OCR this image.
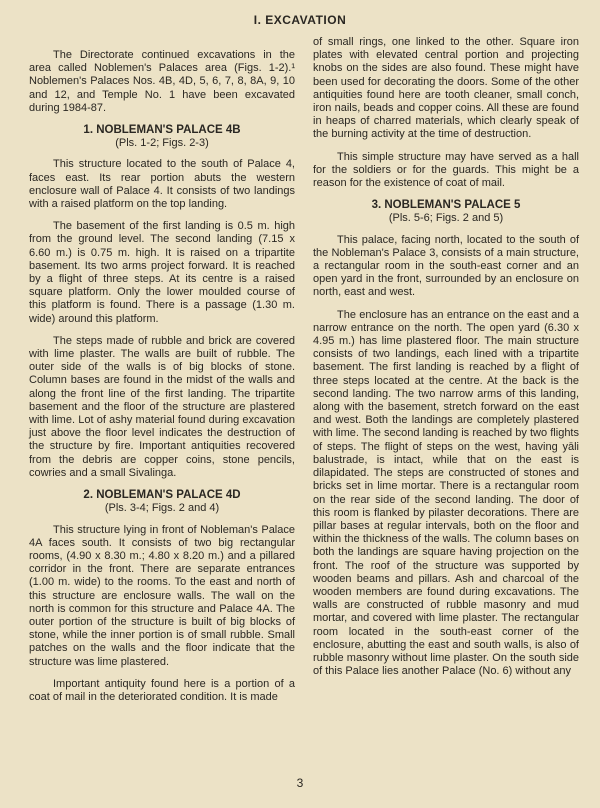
I. EXCAVATION

The Directorate continued excavations in the area called Noblemen's Palaces area (Figs. 1-2).¹ Noblemen's Palaces Nos. 4B, 4D, 5, 6, 7, 8, 8A, 9, 10 and 12, and Temple No. 1 have been excavated during 1984-87.

1. NOBLEMAN'S PALACE 4B
(Pls. 1-2; Figs. 2-3)

This structure located to the south of Palace 4, faces east. Its rear portion abuts the western enclosure wall of Palace 4. It consists of two landings with a raised platform on the top landing.

The basement of the first landing is 0.5 m. high from the ground level. The second landing (7.15 x 6.60 m.) is 0.75 m. high. It is raised on a tripartite basement. Its two arms project forward. It is reached by a flight of three steps. At its centre is a raised square platform. Only the lower moulded course of this platform is found. There is a passage (1.30 m. wide) around this platform.

The steps made of rubble and brick are covered with lime plaster. The walls are built of rubble. The outer side of the walls is of big blocks of stone. Column bases are found in the midst of the walls and along the front line of the first landing. The tripartite basement and the floor of the structure are plastered with lime. Lot of ashy material found during excavation just above the floor level indicates the destruction of the structure by fire. Important antiquities recovered from the debris are copper coins, stone pencils, cowries and a small Sivalinga.

2. NOBLEMAN'S PALACE 4D
(Pls. 3-4; Figs. 2 and 4)

This structure lying in front of Nobleman's Palace 4A faces south. It consists of two big rectangular rooms, (4.90 x 8.30 m.; 4.80 x 8.20 m.) and a pillared corridor in the front. There are separate entrances (1.00 m. wide) to the rooms. To the east and north of this structure are enclosure walls. The wall on the north is common for this structure and Palace 4A. The outer portion of the structure is built of big blocks of stone, while the inner portion is of small rubble. Small patches on the walls and the floor indicate that the structure was lime plastered.

Important antiquity found here is a portion of a coat of mail in the deteriorated condition. It is made

of small rings, one linked to the other. Square iron plates with elevated central portion and projecting knobs on the sides are also found. These might have been used for decorating the doors. Some of the other antiquities found here are tooth cleaner, small conch, iron nails, beads and copper coins. All these are found in heaps of charred materials, which clearly speak of the burning activity at the time of destruction.

This simple structure may have served as a hall for the soldiers or for the guards. This might be a reason for the existence of coat of mail.

3. NOBLEMAN'S PALACE 5
(Pls. 5-6; Figs. 2 and 5)

This palace, facing north, located to the south of the Nobleman's Palace 3, consists of a main structure, a rectangular room in the south-east corner and an open yard in the front, surrounded by an enclosure on north, east and west.

The enclosure has an entrance on the east and a narrow entrance on the north. The open yard (6.30 x 4.95 m.) has lime plastered floor. The main structure consists of two landings, each lined with a tripartite basement. The first landing is reached by a flight of three steps located at the centre. At the back is the second landing. The two narrow arms of this landing, along with the basement, stretch forward on the east and west. Both the landings are completely plastered with lime. The second landing is reached by two flights of steps. The flight of steps on the west, having yāli balustrade, is intact, while that on the east is dilapidated. The steps are constructed of stones and bricks set in lime mortar. There is a rectangular room on the rear side of the second landing. The door of this room is flanked by pilaster decorations. There are pillar bases at regular intervals, both on the floor and within the thickness of the walls. The column bases on both the landings are square having projection on the front. The roof of the structure was supported by wooden beams and pillars. Ash and charcoal of the wooden members are found during excavations. The walls are constructed of rubble masonry and mud mortar, and covered with lime plaster. The rectangular room located in the south-east corner of the enclosure, abutting the east and south walls, is also of rubble masonry without lime plaster. On the south side of this Palace lies another Palace (No. 6) without any

3
